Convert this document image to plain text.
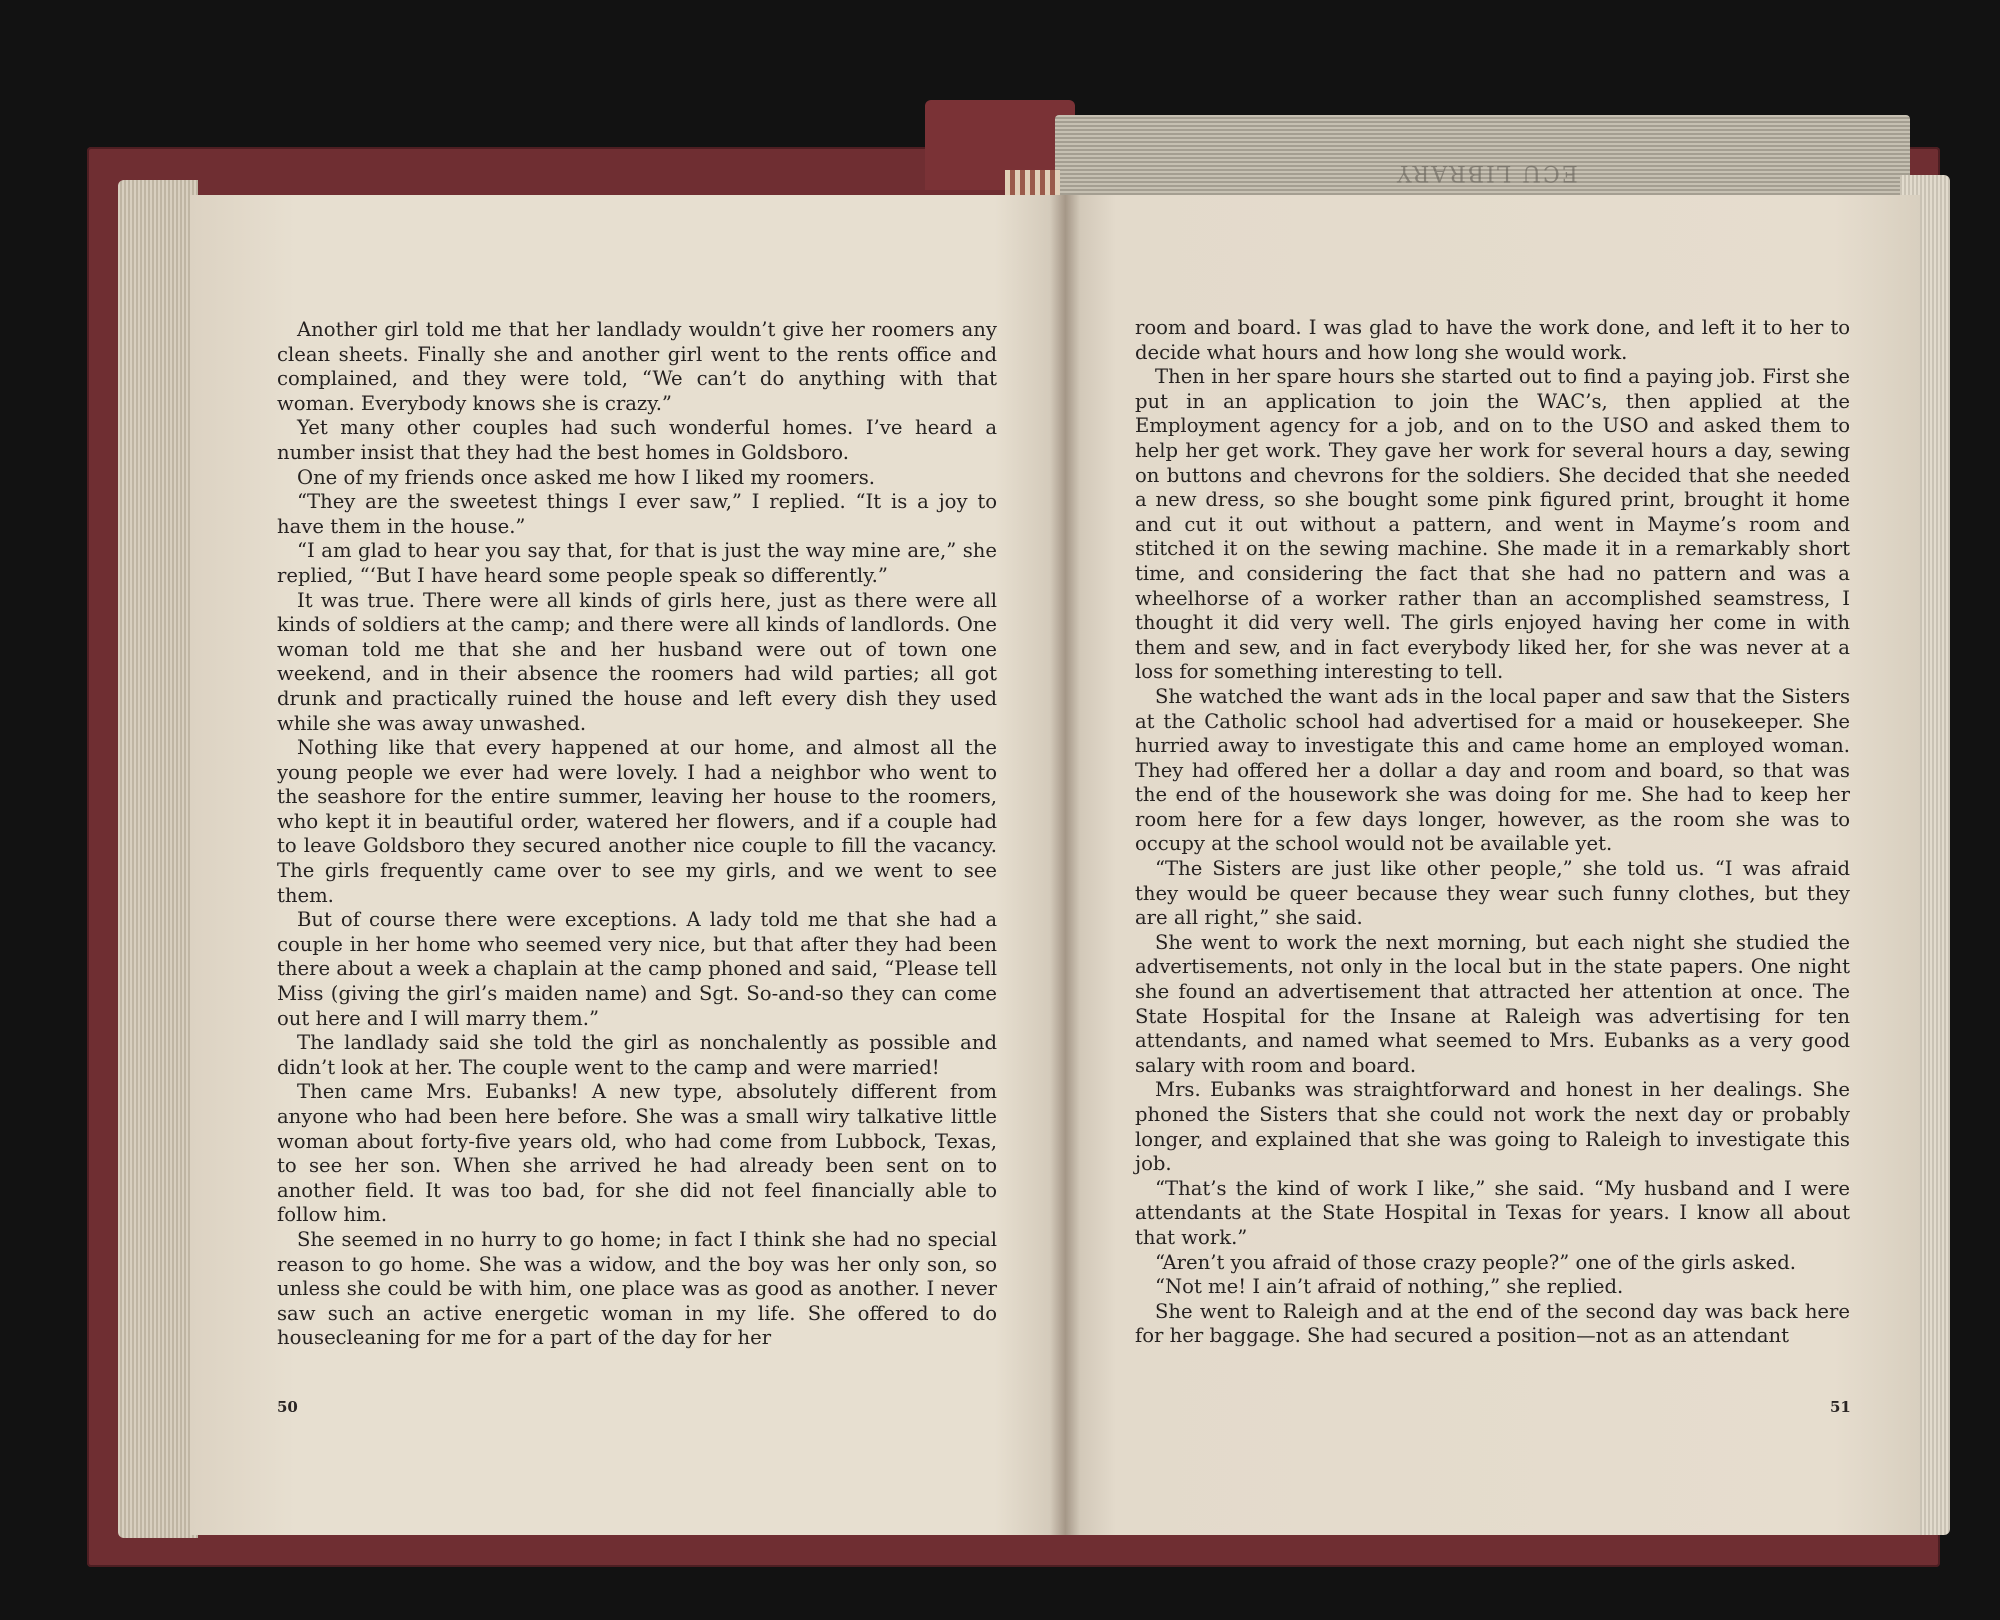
ECU LIBRARY

Another girl told me that her landlady wouldn’t give her roomers any clean sheets. Finally she and another girl went to the rents office and complained, and they were told, “We can’t do anything with that woman. Everybody knows she is crazy.”

Yet many other couples had such wonderful homes. I’ve heard a number insist that they had the best homes in Goldsboro.

One of my friends once asked me how I liked my roomers.

“They are the sweetest things I ever saw,” I replied. “It is a joy to have them in the house.”

“I am glad to hear you say that, for that is just the way mine are,” she replied, “‘But I have heard some people speak so differently.”

It was true. There were all kinds of girls here, just as there were all kinds of soldiers at the camp; and there were all kinds of landlords. One woman told me that she and her husband were out of town one weekend, and in their absence the roomers had wild parties; all got drunk and practically ruined the house and left every dish they used while she was away unwashed.

Nothing like that every happened at our home, and almost all the young people we ever had were lovely. I had a neighbor who went to the seashore for the entire summer, leaving her house to the roomers, who kept it in beautiful order, watered her flowers, and if a couple had to leave Goldsboro they secured another nice couple to fill the vacancy. The girls frequently came over to see my girls, and we went to see them.

But of course there were exceptions. A lady told me that she had a couple in her home who seemed very nice, but that after they had been there about a week a chaplain at the camp phoned and said, “Please tell Miss (giving the girl’s maiden name) and Sgt. So-and-so they can come out here and I will marry them.”

The landlady said she told the girl as nonchalently as possible and didn’t look at her. The couple went to the camp and were married!

Then came Mrs. Eubanks! A new type, absolutely different from anyone who had been here before. She was a small wiry talkative little woman about forty-five years old, who had come from Lubbock, Texas, to see her son. When she arrived he had already been sent on to another field. It was too bad, for she did not feel financially able to follow him.

She seemed in no hurry to go home; in fact I think she had no special reason to go home. She was a widow, and the boy was her only son, so unless she could be with him, one place was as good as another. I never saw such an active energetic woman in my life. She offered to do housecleaning for me for a part of the day for her

50

room and board. I was glad to have the work done, and left it to her to decide what hours and how long she would work.

Then in her spare hours she started out to find a paying job. First she put in an application to join the WAC’s, then applied at the Employment agency for a job, and on to the USO and asked them to help her get work. They gave her work for several hours a day, sewing on buttons and chevrons for the soldiers. She decided that she needed a new dress, so she bought some pink figured print, brought it home and cut it out without a pattern, and went in Mayme’s room and stitched it on the sewing machine. She made it in a remarkably short time, and considering the fact that she had no pattern and was a wheelhorse of a worker rather than an accomplished seamstress, I thought it did very well. The girls enjoyed having her come in with them and sew, and in fact everybody liked her, for she was never at a loss for something interesting to tell.

She watched the want ads in the local paper and saw that the Sisters at the Catholic school had advertised for a maid or housekeeper. She hurried away to investigate this and came home an employed woman. They had offered her a dollar a day and room and board, so that was the end of the housework she was doing for me. She had to keep her room here for a few days longer, however, as the room she was to occupy at the school would not be available yet.

“The Sisters are just like other people,” she told us. “I was afraid they would be queer because they wear such funny clothes, but they are all right,” she said.

She went to work the next morning, but each night she studied the advertisements, not only in the local but in the state papers. One night she found an advertisement that attracted her attention at once. The State Hospital for the Insane at Raleigh was advertising for ten attendants, and named what seemed to Mrs. Eubanks as a very good salary with room and board.

Mrs. Eubanks was straightforward and honest in her dealings. She phoned the Sisters that she could not work the next day or probably longer, and explained that she was going to Raleigh to investigate this job.

“That’s the kind of work I like,” she said. “My husband and I were attendants at the State Hospital in Texas for years. I know all about that work.”

“Aren’t you afraid of those crazy people?” one of the girls asked.

“Not me! I ain’t afraid of nothing,” she replied.

She went to Raleigh and at the end of the second day was back here for her baggage. She had secured a position—not as an attendant

51
